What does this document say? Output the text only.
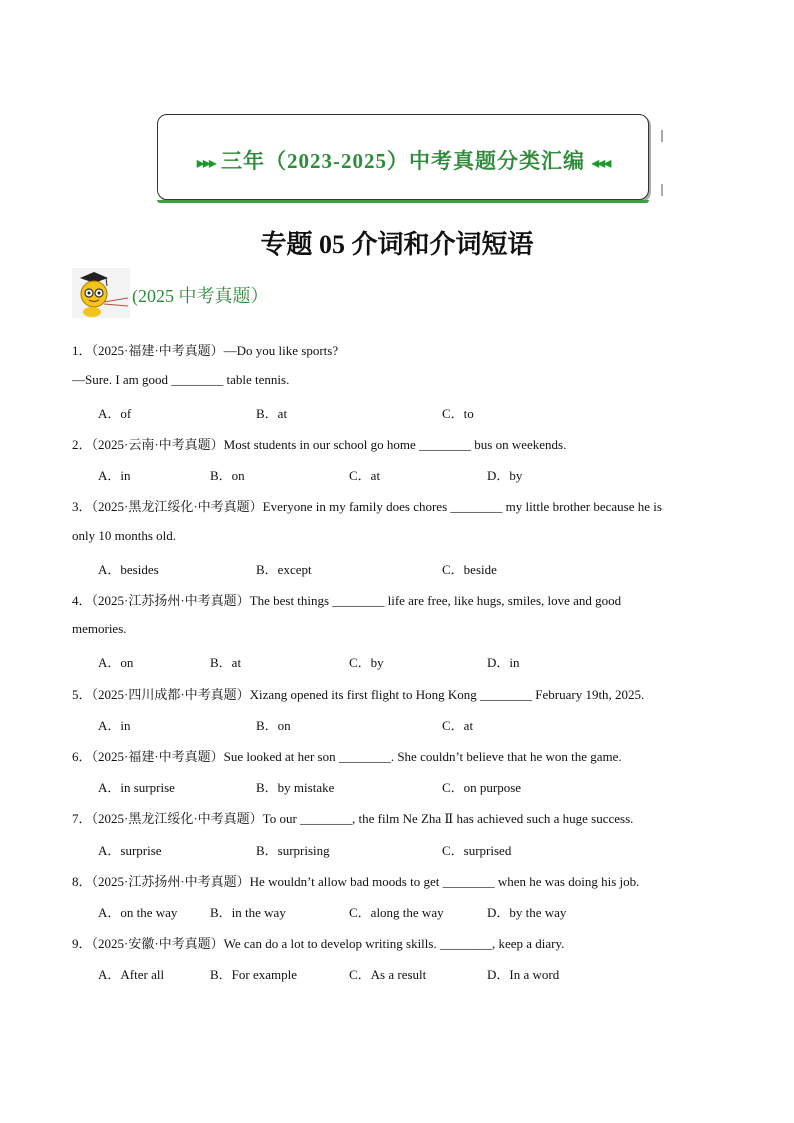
▸▸▸ 三年（2023-2025）中考真题分类汇编 ◂◂◂
专题 05 介词和介词短语
(2025 中考真题）
1．（2025·福建·中考真题）—Do you like sports?
—Sure. I am good ________ table tennis.
A．of	B．at	C．to
2．（2025·云南·中考真题）Most students in our school go home ________ bus on weekends.
A．in	B．on	C．at	D．by
3．（2025·黑龙江绥化·中考真题）Everyone in my family does chores ________ my little brother because he is
only 10 months old.
A．besides	B．except	C．beside
4．（2025·江苏扬州·中考真题）The best things ________ life are free, like hugs, smiles, love and good
memories.
A．on	B．at	C．by	D．in
5．（2025·四川成都·中考真题）Xizang opened its first flight to Hong Kong ________ February 19th, 2025.
A．in	B．on	C．at
6．（2025·福建·中考真题）Sue looked at her son ________. She couldn’t believe that he won the game.
A．in surprise	B．by mistake	C．on purpose
7．（2025·黑龙江绥化·中考真题）To our ________, the film Ne Zha Ⅱ has achieved such a huge success.
A．surprise	B．surprising	C．surprised
8．（2025·江苏扬州·中考真题）He wouldn’t allow bad moods to get ________ when he was doing his job.
A．on the way	B．in the way	C．along the way	D．by the way
9．（2025·安徽·中考真题）We can do a lot to develop writing skills. ________, keep a diary.
A．After all	B．For example	C．As a result	D．In a word
